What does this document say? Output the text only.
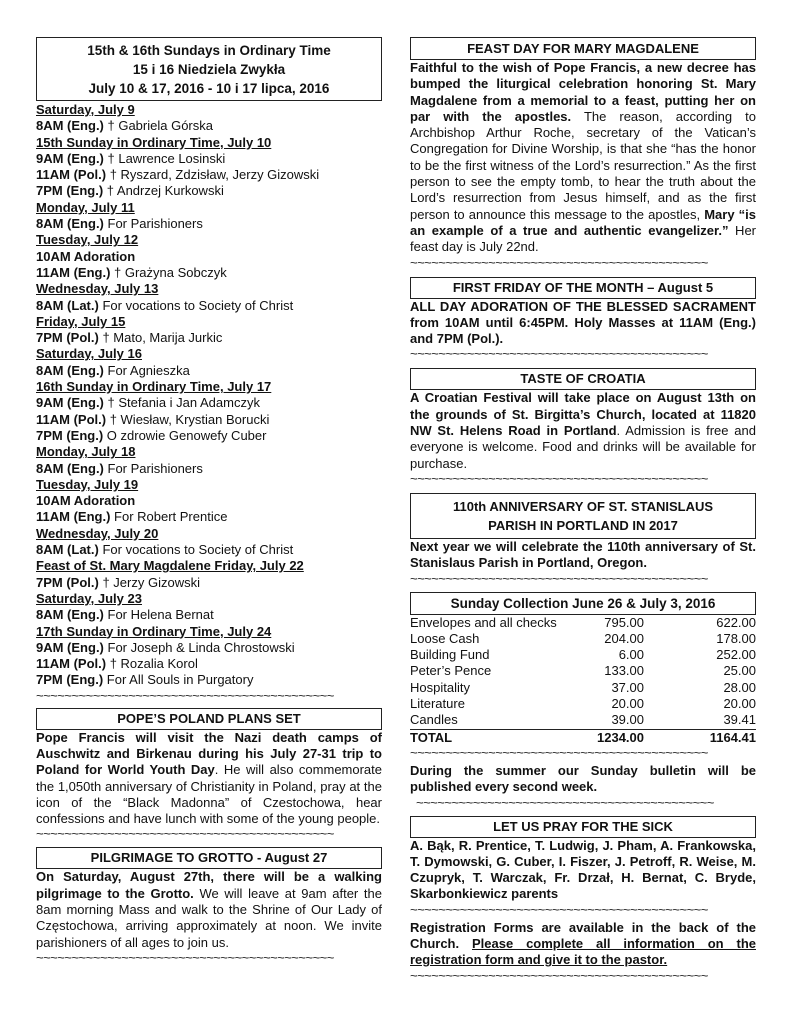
15th & 16th Sundays in Ordinary Time
15 i 16 Niedziela Zwykła
July 10 & 17, 2016 - 10 i 17 lipca, 2016
Saturday, July 9
8AM (Eng.) † Gabriela Górska
15th Sunday in Ordinary Time, July 10
9AM (Eng.) † Lawrence Losinski
11AM (Pol.) † Ryszard, Zdzisław, Jerzy Gizowski
7PM (Eng.) † Andrzej Kurkowski
Monday, July 11
8AM (Eng.) For Parishioners
Tuesday, July 12
10AM Adoration
11AM (Eng.) † Grażyna Sobczyk
Wednesday, July 13
8AM (Lat.) For vocations to Society of Christ
Friday, July 15
7PM (Pol.) † Mato, Marija Jurkic
Saturday, July 16
8AM (Eng.) For Agnieszka
16th Sunday in Ordinary Time, July 17
9AM (Eng.) † Stefania i Jan Adamczyk
11AM (Pol.) † Wiesław, Krystian Borucki
7PM (Eng.) O zdrowie Genowefy Cuber
Monday, July 18
8AM (Eng.) For Parishioners
Tuesday, July 19
10AM Adoration
11AM (Eng.) For Robert Prentice
Wednesday, July 20
8AM (Lat.) For vocations to Society of Christ
Feast of St. Mary Magdalene Friday, July 22
7PM (Pol.) † Jerzy Gizowski
Saturday, July 23
8AM (Eng.) For Helena Bernat
17th Sunday in Ordinary Time, July 24
9AM (Eng.) For Joseph & Linda Chrostowski
11AM (Pol.) † Rozalia Korol
7PM (Eng.) For All Souls in Purgatory
~~~~~~~~~~~~~~~~~~~~~~~~~~~~~~~~~~~~~~~~~~
POPE’S POLAND PLANS SET
Pope Francis will visit the Nazi death camps of Auschwitz and Birkenau during his July 27-31 trip to Poland for World Youth Day. He will also commemorate the 1,050th anniversary of Christianity in Poland, pray at the icon of the “Black Madonna” of Czestochowa, hear confessions and have lunch with some of the young people.
~~~~~~~~~~~~~~~~~~~~~~~~~~~~~~~~~~~~~~~~~~
PILGRIMAGE TO GROTTO - August 27
On Saturday, August 27th, there will be a walking pilgrimage to the Grotto. We will leave at 9am after the 8am morning Mass and walk to the Shrine of Our Lady of Częstochowa, arriving approximately at noon. We invite parishioners of all ages to join us.
~~~~~~~~~~~~~~~~~~~~~~~~~~~~~~~~~~~~~~~~~~
FEAST DAY FOR MARY MAGDALENE
Faithful to the wish of Pope Francis, a new decree has bumped the liturgical celebration honoring St. Mary Magdalene from a memorial to a feast, putting her on par with the apostles. The reason, according to Archbishop Arthur Roche, secretary of the Vatican’s Congregation for Divine Worship, is that she “has the honor to be the first witness of the Lord’s resurrection.” As the first person to see the empty tomb, to hear the truth about the Lord’s resurrection from Jesus himself, and as the first person to announce this message to the apostles, Mary “is an example of a true and authentic evangelizer.” Her feast day is July 22nd.
~~~~~~~~~~~~~~~~~~~~~~~~~~~~~~~~~~~~~~~~~~
FIRST FRIDAY OF THE MONTH – August 5
ALL DAY ADORATION OF THE BLESSED SACRAMENT from 10AM until 6:45PM. Holy Masses at 11AM (Eng.) and 7PM (Pol.).
~~~~~~~~~~~~~~~~~~~~~~~~~~~~~~~~~~~~~~~~~~
TASTE OF CROATIA
A Croatian Festival will take place on August 13th on the grounds of St. Birgitta’s Church, located at 11820 NW St. Helens Road in Portland. Admission is free and everyone is welcome. Food and drinks will be available for purchase.
~~~~~~~~~~~~~~~~~~~~~~~~~~~~~~~~~~~~~~~~~~
110th ANNIVERSARY OF ST. STANISLAUS
PARISH IN PORTLAND IN 2017
Next year we will celebrate the 110th anniversary of St. Stanislaus Parish in Portland, Oregon.
~~~~~~~~~~~~~~~~~~~~~~~~~~~~~~~~~~~~~~~~~~
Sunday Collection June 26 & July 3, 2016
Envelopes and all checks	795.00	622.00
Loose Cash	204.00	178.00
Building Fund	6.00	252.00
Peter’s Pence	133.00	25.00
Hospitality	37.00	28.00
Literature	20.00	20.00
Candles	39.00	39.41
TOTAL	1234.00	1164.41
~~~~~~~~~~~~~~~~~~~~~~~~~~~~~~~~~~~~~~~~~~
During the summer our Sunday bulletin will be published every second week.
~~~~~~~~~~~~~~~~~~~~~~~~~~~~~~~~~~~~~~~~~~
LET US PRAY FOR THE SICK
A. Bąk, R. Prentice, T. Ludwig, J. Pham, A. Frankowska, T. Dymowski, G. Cuber, I. Fiszer, J. Petroff, R. Weise, M. Czupryk, T. Warczak, Fr. Drzał, H. Bernat, C. Bryde, Skarbonkiewicz parents
~~~~~~~~~~~~~~~~~~~~~~~~~~~~~~~~~~~~~~~~~~
Registration Forms are available in the back of the Church. Please complete all information on the registration form and give it to the pastor.
~~~~~~~~~~~~~~~~~~~~~~~~~~~~~~~~~~~~~~~~~~
